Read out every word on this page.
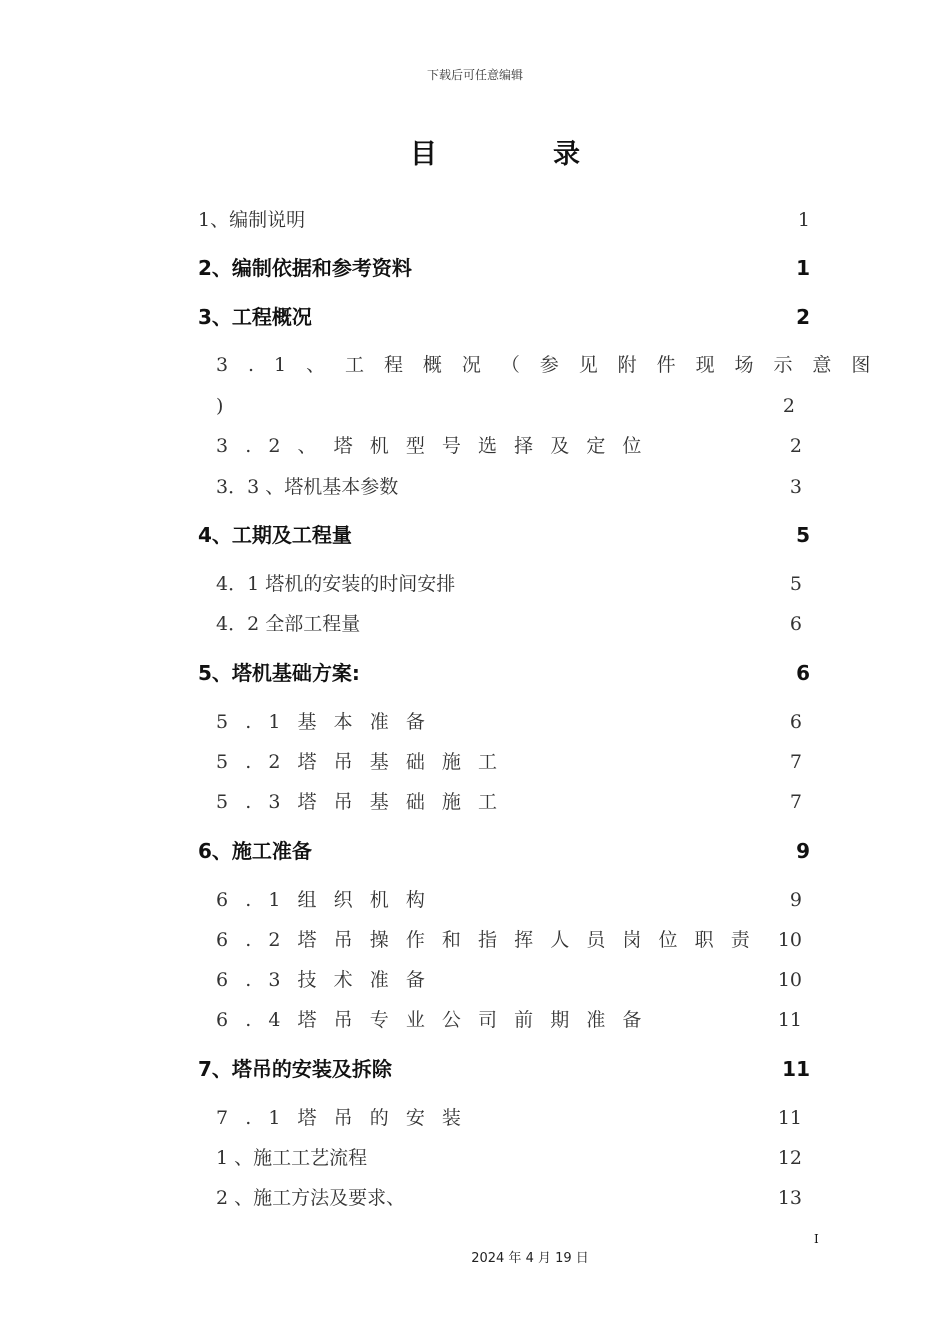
下载后可任意编辑
目	录
1、编制说明	1
2、编制依据和参考资料	1
3、工程概况	2
3.1、工程概况（参见附件现场示意图
)	2
3.2、塔机型号选择及定位	2
3．3 、塔机基本参数	3
4、工期及工程量	5
4．1 塔机的安装的时间安排	5
4．2 全部工程量	6
5、塔机基础方案:	6
5.1基本准备	6
5.2塔吊基础施工	7
5.3塔吊基础施工	7
6、施工准备	9
6.1组织机构	9
6.2塔吊操作和指挥人员岗位职责 10
6.3技术准备	10
6.4塔吊专业公司前期准备	11
7、塔吊的安装及拆除	11
7.1塔吊的安装	11
1 、施工工艺流程	12
2 、施工方法及要求、	13
I
2024 年 4 月 19 日
